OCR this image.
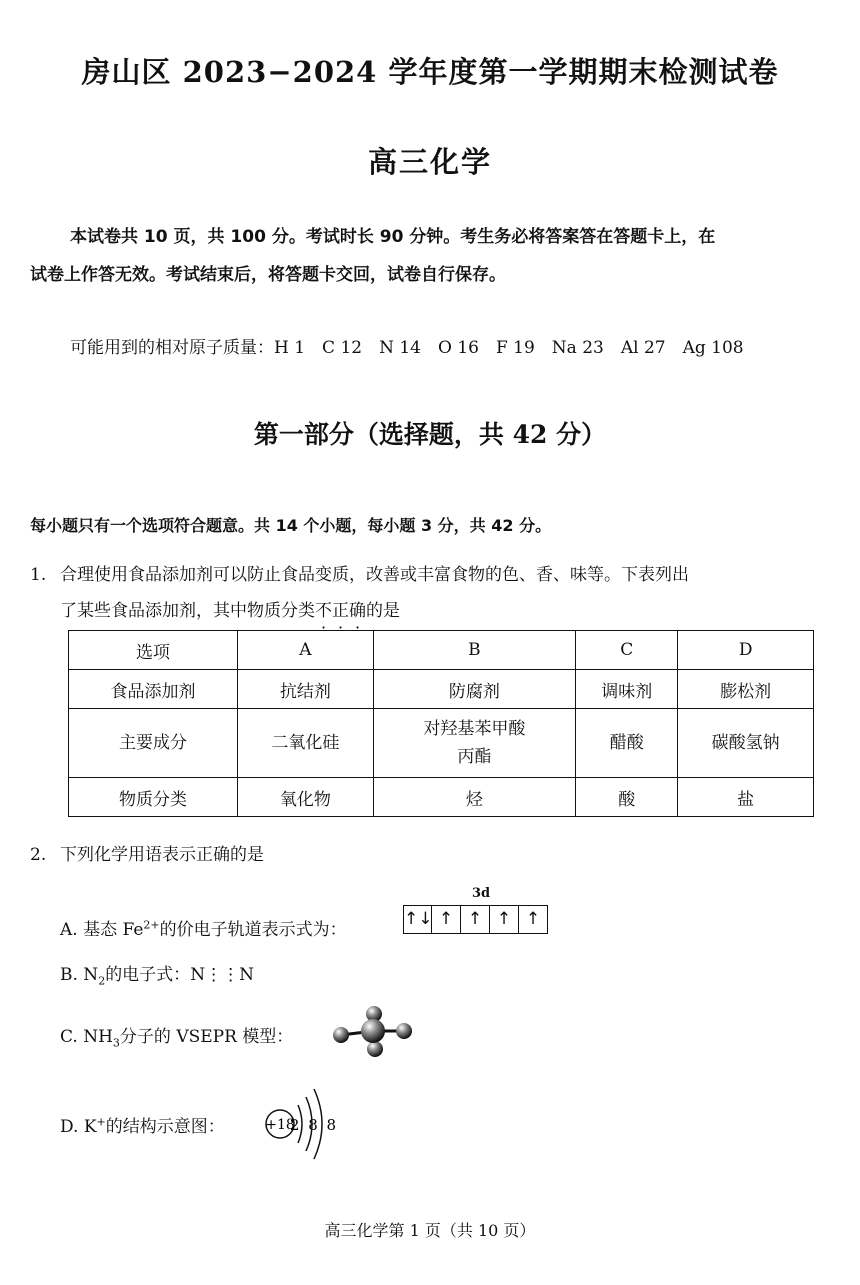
房山区 2023−2024 学年度第一学期期末检测试卷
高三化学
本试卷共 10 页，共 100 分。考试时长 90 分钟。考生务必将答案答在答题卡上，在
试卷上作答无效。考试结束后，将答题卡交回，试卷自行保存。
可能用到的相对原子质量：H 1　C 12　N 14　O 16　F 19　Na 23　Al 27　Ag 108
第一部分（选择题，共 42 分）
每小题只有一个选项符合题意。共 14 个小题，每小题 3 分，共 42 分。
1. 合理使用食品添加剂可以防止食品变质，改善或丰富食物的色、香、味等。下表列出
了某些食品添加剂，其中物质分类不正确的是
选项	A	B	C	D
食品添加剂	抗结剂	防腐剂	调味剂	膨松剂
主要成分	二氧化硅	对羟基苯甲酸
丙酯	醋酸	碳酸氢钠
物质分类	氧化物	烃	酸	盐
2. 下列化学用语表示正确的是
3d
A. 基态 $Fe^{2+}$的价电子轨道表示式为：
↑↓ ↑ ↑ ↑ ↑
B. $N_2$的电子式：N⋮⋮N
C. $NH_3$分子的 VSEPR 模型：
D. K+的结构示意图：	+18
2 8 8
高三化学第 1 页（共 10 页）
